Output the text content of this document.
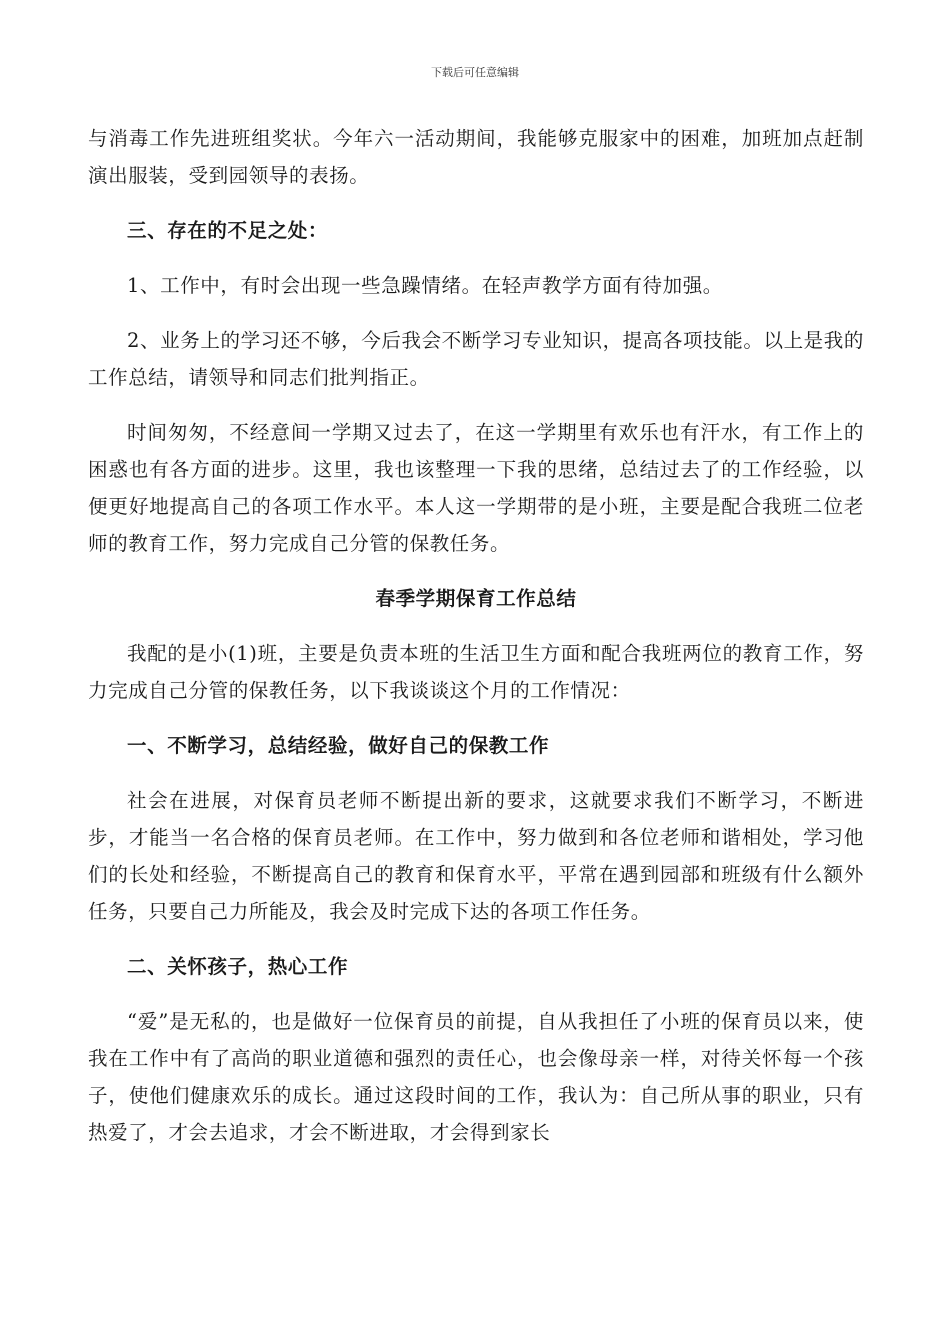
下载后可任意编辑

与消毒工作先进班组奖状。今年六一活动期间，我能够克服家中的困难，加班加点赶制演出服装，受到园领导的表扬。

三、存在的不足之处：

1、工作中，有时会出现一些急躁情绪。在轻声教学方面有待加强。

2、业务上的学习还不够，今后我会不断学习专业知识，提高各项技能。以上是我的工作总结，请领导和同志们批判指正。

时间匆匆，不经意间一学期又过去了，在这一学期里有欢乐也有汗水，有工作上的困惑也有各方面的进步。这里，我也该整理一下我的思绪，总结过去了的工作经验，以便更好地提高自己的各项工作水平。本人这一学期带的是小班，主要是配合我班二位老师的教育工作，努力完成自己分管的保教任务。

春季学期保育工作总结

我配的是小(1)班，主要是负责本班的生活卫生方面和配合我班两位的教育工作，努力完成自己分管的保教任务，以下我谈谈这个月的工作情况：

一、不断学习，总结经验，做好自己的保教工作

社会在进展，对保育员老师不断提出新的要求，这就要求我们不断学习，不断进步，才能当一名合格的保育员老师。在工作中，努力做到和各位老师和谐相处，学习他们的长处和经验，不断提高自己的教育和保育水平，平常在遇到园部和班级有什么额外任务，只要自己力所能及，我会及时完成下达的各项工作任务。

二、关怀孩子，热心工作

“爱”是无私的，也是做好一位保育员的前提，自从我担任了小班的保育员以来，使我在工作中有了高尚的职业道德和强烈的责任心，也会像母亲一样，对待关怀每一个孩子，使他们健康欢乐的成长。通过这段时间的工作，我认为：自己所从事的职业，只有热爱了，才会去追求，才会不断进取，才会得到家长
